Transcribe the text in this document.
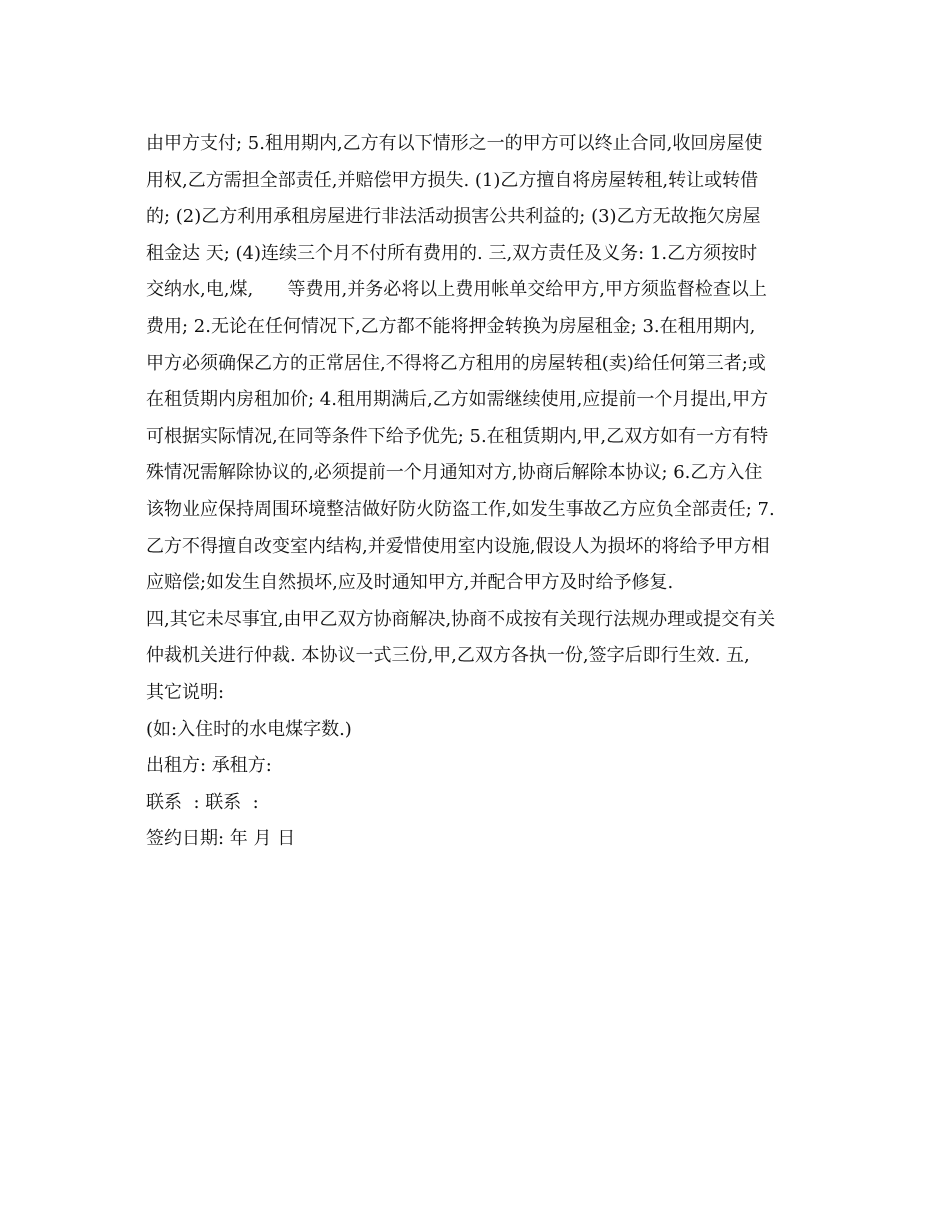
由甲方支付; 5.租用期内,乙方有以下情形之一的甲方可以终止合同,收回房屋使
用权,乙方需担全部责任,并赔偿甲方损失. (1)乙方擅自将房屋转租,转让或转借
的; (2)乙方利用承租房屋进行非法活动损害公共利益的; (3)乙方无故拖欠房屋
租金达 天; (4)连续三个月不付所有费用的. 三,双方责任及义务: 1.乙方须按时
交纳水,电,煤,      等费用,并务必将以上费用帐单交给甲方,甲方须监督检查以上
费用; 2.无论在任何情况下,乙方都不能将押金转换为房屋租金; 3.在租用期内,
甲方必须确保乙方的正常居住,不得将乙方租用的房屋转租(卖)给任何第三者;或
在租赁期内房租加价; 4.租用期满后,乙方如需继续使用,应提前一个月提出,甲方
可根据实际情况,在同等条件下给予优先; 5.在租赁期内,甲,乙双方如有一方有特
殊情况需解除协议的,必须提前一个月通知对方,协商后解除本协议; 6.乙方入住
该物业应保持周围环境整洁做好防火防盗工作,如发生事故乙方应负全部责任; 7.
乙方不得擅自改变室内结构,并爱惜使用室内设施,假设人为损坏的将给予甲方相
应赔偿;如发生自然损坏,应及时通知甲方,并配合甲方及时给予修复.
四,其它未尽事宜,由甲乙双方协商解决,协商不成按有关现行法规办理或提交有关
仲裁机关进行仲裁. 本协议一式三份,甲,乙双方各执一份,签字后即行生效. 五,
其它说明:
(如:入住时的水电煤字数.)
出租方: 承租方:
联系  : 联系  :
签约日期: 年 月 日
